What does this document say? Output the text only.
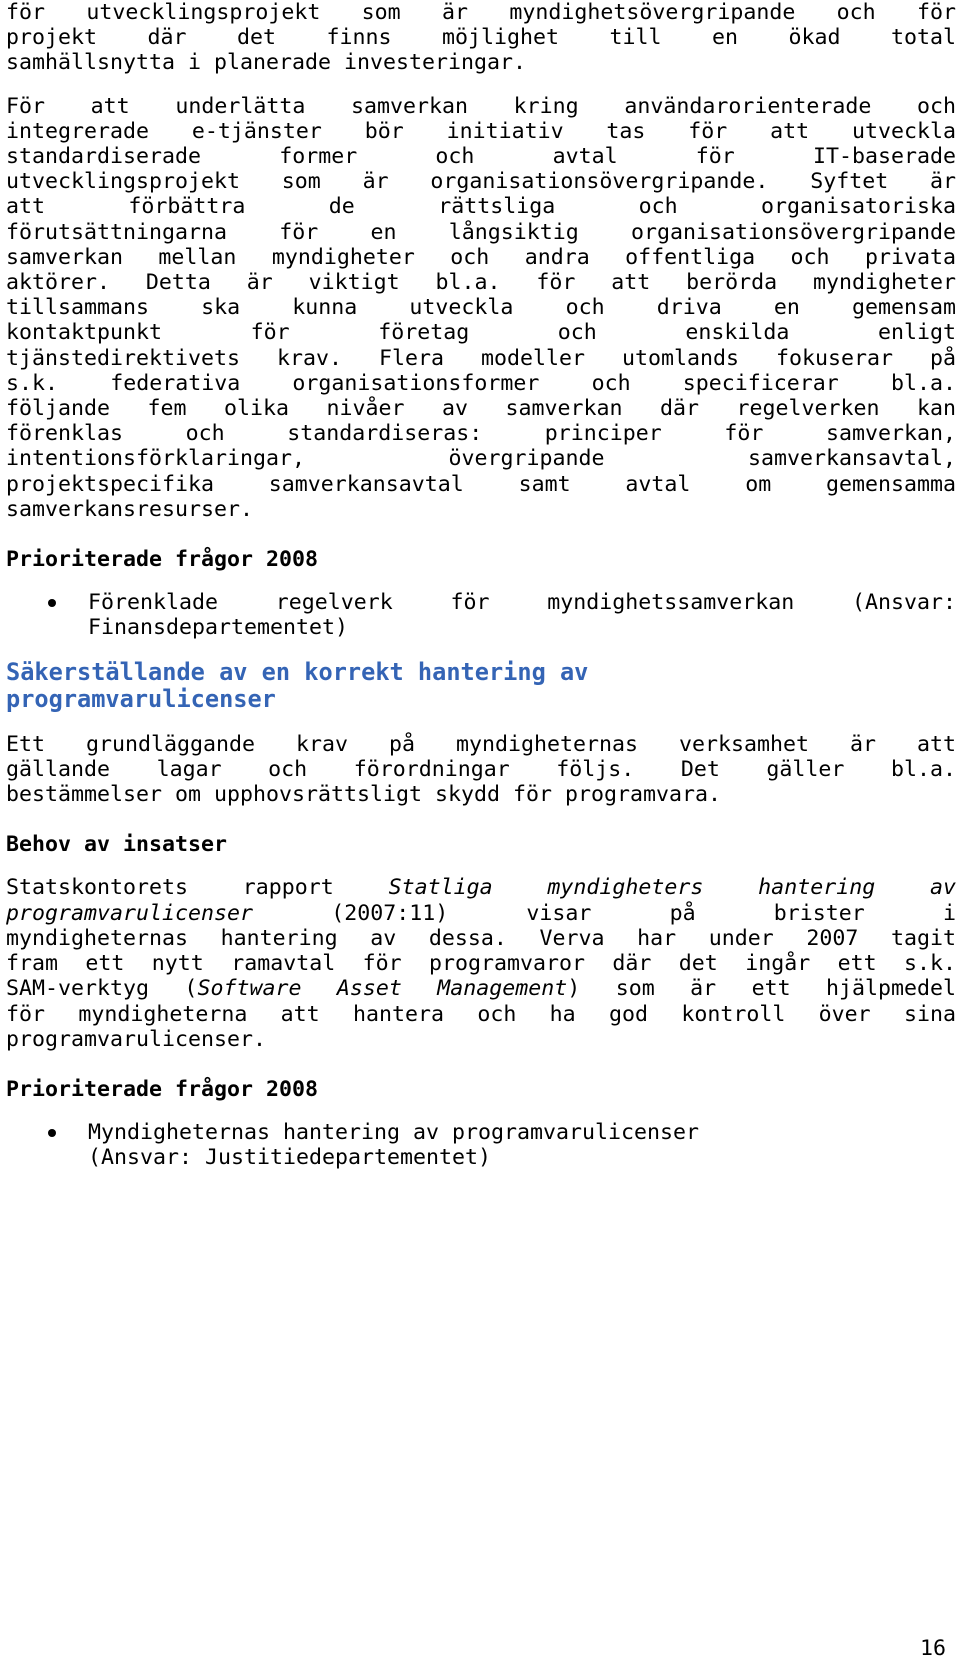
för utvecklingsprojekt som är myndighetsövergripande och för
projekt där det finns möjlighet till en ökad total
samhällsnytta i planerade investeringar.

För att underlätta samverkan kring användarorienterade och
integrerade e-tjänster bör initiativ tas för att utveckla
standardiserade former och avtal för IT-baserade
utvecklingsprojekt som är organisationsövergripande. Syftet är
att förbättra de rättsliga och organisatoriska
förutsättningarna för en långsiktig organisationsövergripande
samverkan mellan myndigheter och andra offentliga och privata
aktörer. Detta är viktigt bl.a. för att berörda myndigheter
tillsammans ska kunna utveckla och driva en gemensam
kontaktpunkt för företag och enskilda enligt
tjänstedirektivets krav. Flera modeller utomlands fokuserar på
s.k. federativa organisationsformer och specificerar bl.a.
följande fem olika nivåer av samverkan där regelverken kan
förenklas och standardiseras: principer för samverkan,
intentionsförklaringar, övergripande samverkansavtal,
projektspecifika samverkansavtal samt avtal om gemensamma
samverkansresurser.

Prioriterade frågor 2008
Förenklade regelverk för myndighetssamverkan (Ansvar:
Finansdepartementet)
Säkerställande av en korrekt hantering av
programvarulicenser

Ett grundläggande krav på myndigheternas verksamhet är att
gällande lagar och förordningar följs. Det gäller bl.a.
bestämmelser om upphovsrättsligt skydd för programvara.

Behov av insatser

Statskontorets rapport Statliga myndigheters hantering av
programvarulicenser (2007:11) visar på brister i
myndigheternas hantering av dessa. Verva har under 2007 tagit
fram ett nytt ramavtal för programvaror där det ingår ett s.k.
SAM-verktyg (Software Asset Management) som är ett hjälpmedel
för myndigheterna att hantera och ha god kontroll över sina
programvarulicenser.

Prioriterade frågor 2008
Myndigheternas hantering av programvarulicenser
(Ansvar: Justitiedepartementet)
16
